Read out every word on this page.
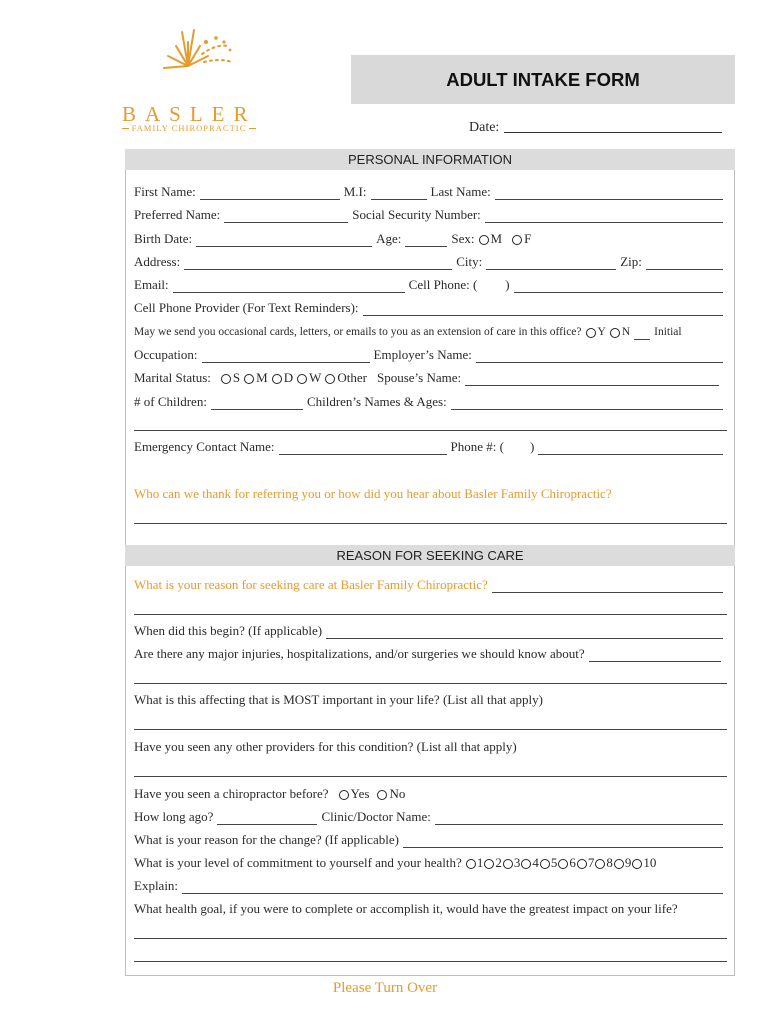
BASLER
FAMILY CHIROPRACTIC
ADULT INTAKE FORM
Date:
PERSONAL INFORMATION
First Name:	M.I:	Last Name:
Preferred Name:	Social Security Number:
Birth Date:	Age:	Sex: M F
Address:	City:	Zip:
Email:	Cell Phone: ( )
Cell Phone Provider (For Text Reminders):
May we send you occasional cards, letters, or emails to you as an extension of care in this office? Y N Initial
Occupation:	Employer’s Name:
Marital Status: S M D W Other Spouse’s Name:
# of Children:	Children’s Names & Ages:
Emergency Contact Name:	Phone #: ( )
Who can we thank for referring you or how did you hear about Basler Family Chiropractic?
REASON FOR SEEKING CARE
What is your reason for seeking care at Basler Family Chiropractic?
When did this begin? (If applicable)
Are there any major injuries, hospitalizations, and/or surgeries we should know about?
What is this affecting that is MOST important in your life? (List all that apply)
Have you seen any other providers for this condition? (List all that apply)
Have you seen a chiropractor before? Yes No
How long ago?	Clinic/Doctor Name:
What is your reason for the change? (If applicable)
What is your level of commitment to yourself and your health? 1 2 3 4 5 6 7 8 9 10
Explain:
What health goal, if you were to complete or accomplish it, would have the greatest impact on your life?
Please Turn Over
